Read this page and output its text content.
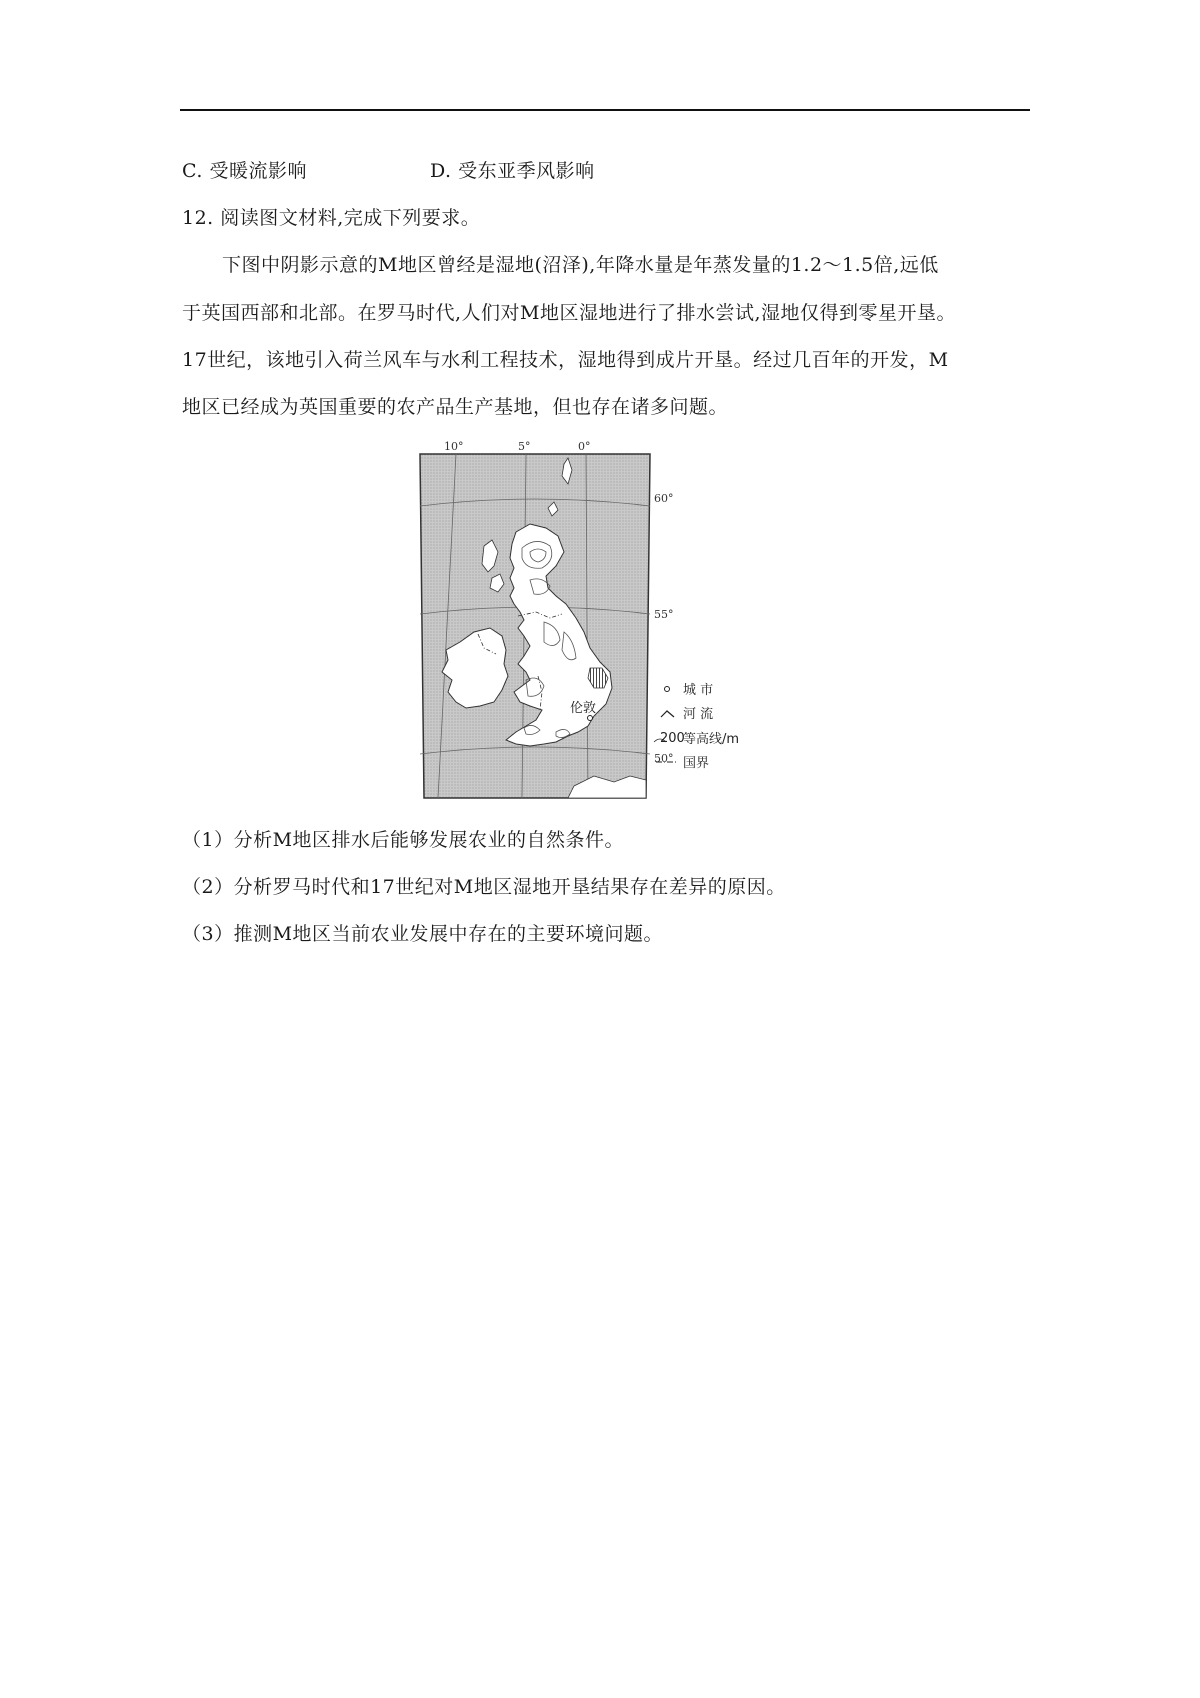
C. 受暖流影响	D. 受东亚季风影响
12. 阅读图文材料,完成下列要求。
下图中阴影示意的M地区曾经是湿地(沼泽),年降水量是年蒸发量的1.2～1.5倍,远低
于英国西部和北部。在罗马时代,人们对M地区湿地进行了排水尝试,湿地仅得到零星开垦。
17世纪，该地引入荷兰风车与水利工程技术，湿地得到成片开垦。经过几百年的开发，M
地区已经成为英国重要的农产品生产基地，但也存在诸多问题。
10°	5°	0°
60°
55°
50°
伦敦
城 市
河 流
200
等高线/m
国界
（1）分析M地区排水后能够发展农业的自然条件。
（2）分析罗马时代和17世纪对M地区湿地开垦结果存在差异的原因。
（3）推测M地区当前农业发展中存在的主要环境问题。
